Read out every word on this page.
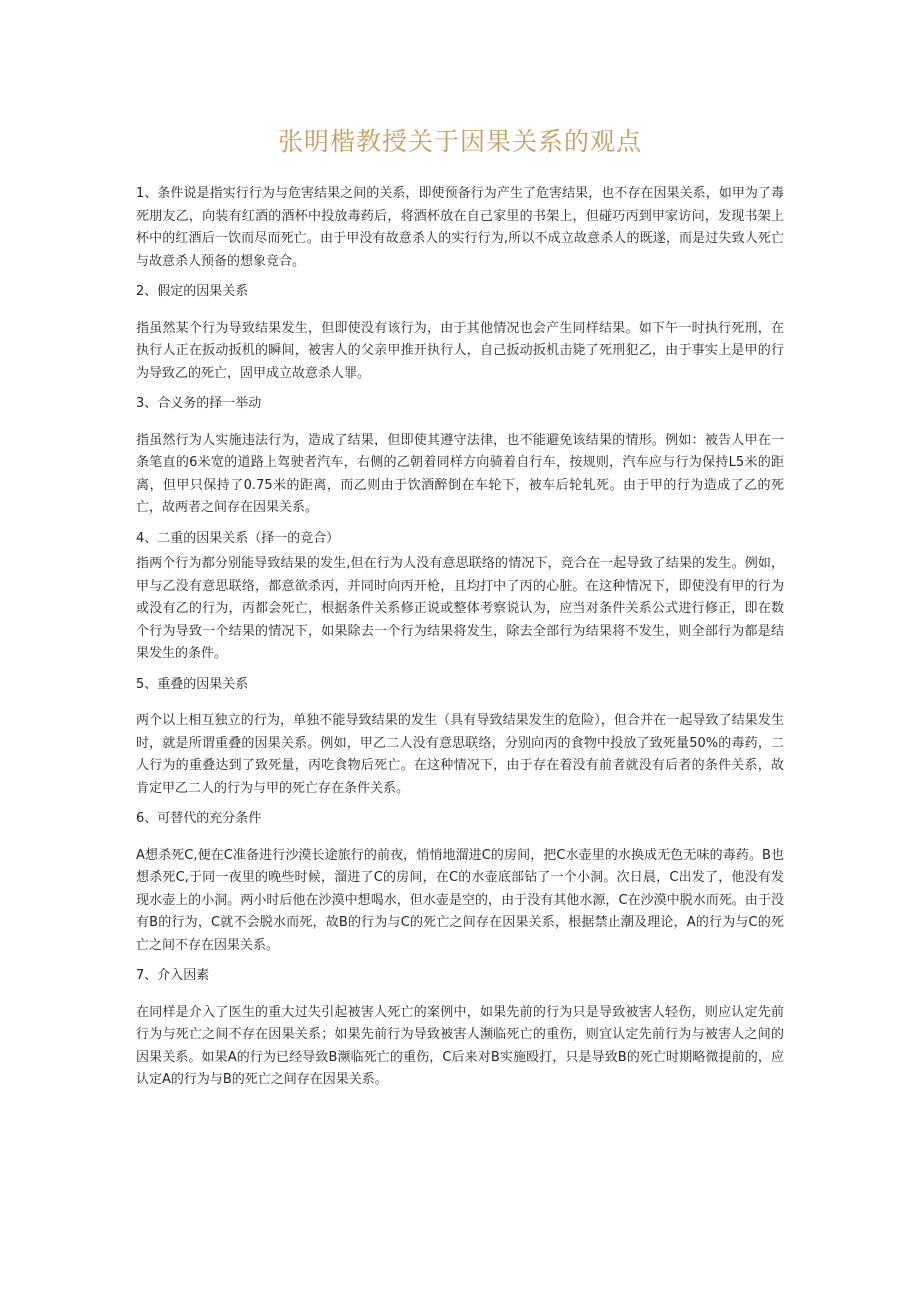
张明楷教授关于因果关系的观点

1、条件说是指实行行为与危害结果之间的关系，即使预备行为产生了危害结果，也不存在因果关系，如甲为了毒死朋友乙，向装有红酒的酒杯中投放毒药后，将酒杯放在自己家里的书架上，但碰巧丙到甲家访问，发现书架上杯中的红酒后一饮而尽而死亡。由于甲没有故意杀人的实行行为,所以不成立故意杀人的既遂，而是过失致人死亡与故意杀人预备的想象竞合。

2、假定的因果关系

指虽然某个行为导致结果发生，但即使没有该行为，由于其他情况也会产生同样结果。如下午一时执行死刑，在执行人正在扳动扳机的瞬间，被害人的父亲甲推开执行人，自己扳动扳机击毙了死刑犯乙，由于事实上是甲的行为导致乙的死亡，固甲成立故意杀人罪。

3、合义务的择一举动

指虽然行为人实施违法行为，造成了结果，但即使其遵守法律，也不能避免该结果的情形。例如：被告人甲在一条笔直的6米宽的道路上驾驶者汽车，右侧的乙朝着同样方向骑着自行车，按规则，汽车应与行为保持L5米的距离，但甲只保持了0.75米的距离，而乙则由于饮酒醉倒在车轮下，被车后轮轧死。由于甲的行为造成了乙的死亡，故两者之间存在因果关系。

4、二重的因果关系（择一的竞合）

指两个行为都分别能导致结果的发生,但在行为人没有意思联络的情况下，竞合在一起导致了结果的发生。例如，甲与乙没有意思联络，都意欲杀丙，并同时向丙开枪，且均打中了丙的心脏。在这种情况下，即使没有甲的行为或没有乙的行为，丙都会死亡，根据条件关系修正说或整体考察说认为，应当对条件关系公式进行修正，即在数个行为导致一个结果的情况下，如果除去一个行为结果将发生，除去全部行为结果将不发生，则全部行为都是结果发生的条件。

5、重叠的因果关系

两个以上相互独立的行为，单独不能导致结果的发生（具有导致结果发生的危险），但合并在一起导致了结果发生时，就是所谓重叠的因果关系。例如，甲乙二人没有意思联络，分别向丙的食物中投放了致死量50%的毒药，二人行为的重叠达到了致死量，丙吃食物后死亡。在这种情况下，由于存在着没有前者就没有后者的条件关系，故肯定甲乙二人的行为与甲的死亡存在条件关系。

6、可替代的充分条件

A想杀死C,便在C准备进行沙漠长途旅行的前夜，悄悄地溜进C的房间，把C水壶里的水换成无色无味的毒药。B也想杀死C,于同一夜里的晚些时候，溜进了C的房间，在C的水壶底部钻了一个小洞。次日晨，C出发了，他没有发现水壶上的小洞。两小时后他在沙漠中想喝水，但水壶是空的，由于没有其他水源，C在沙漠中脱水而死。由于没有B的行为，C就不会脱水而死，故B的行为与C的死亡之间存在因果关系，根据禁止潮及理论，A的行为与C的死亡之间不存在因果关系。

7、介入因素

在同样是介入了医生的重大过失引起被害人死亡的案例中，如果先前的行为只是导致被害人轻伤，则应认定先前行为与死亡之间不存在因果关系；如果先前行为导致被害人濒临死亡的重伤，则宜认定先前行为与被害人之间的因果关系。如果A的行为已经导致B濒临死亡的重伤，C后来对B实施殴打，只是导致B的死亡时期略微提前的，应认定A的行为与B的死亡之间存在因果关系。
